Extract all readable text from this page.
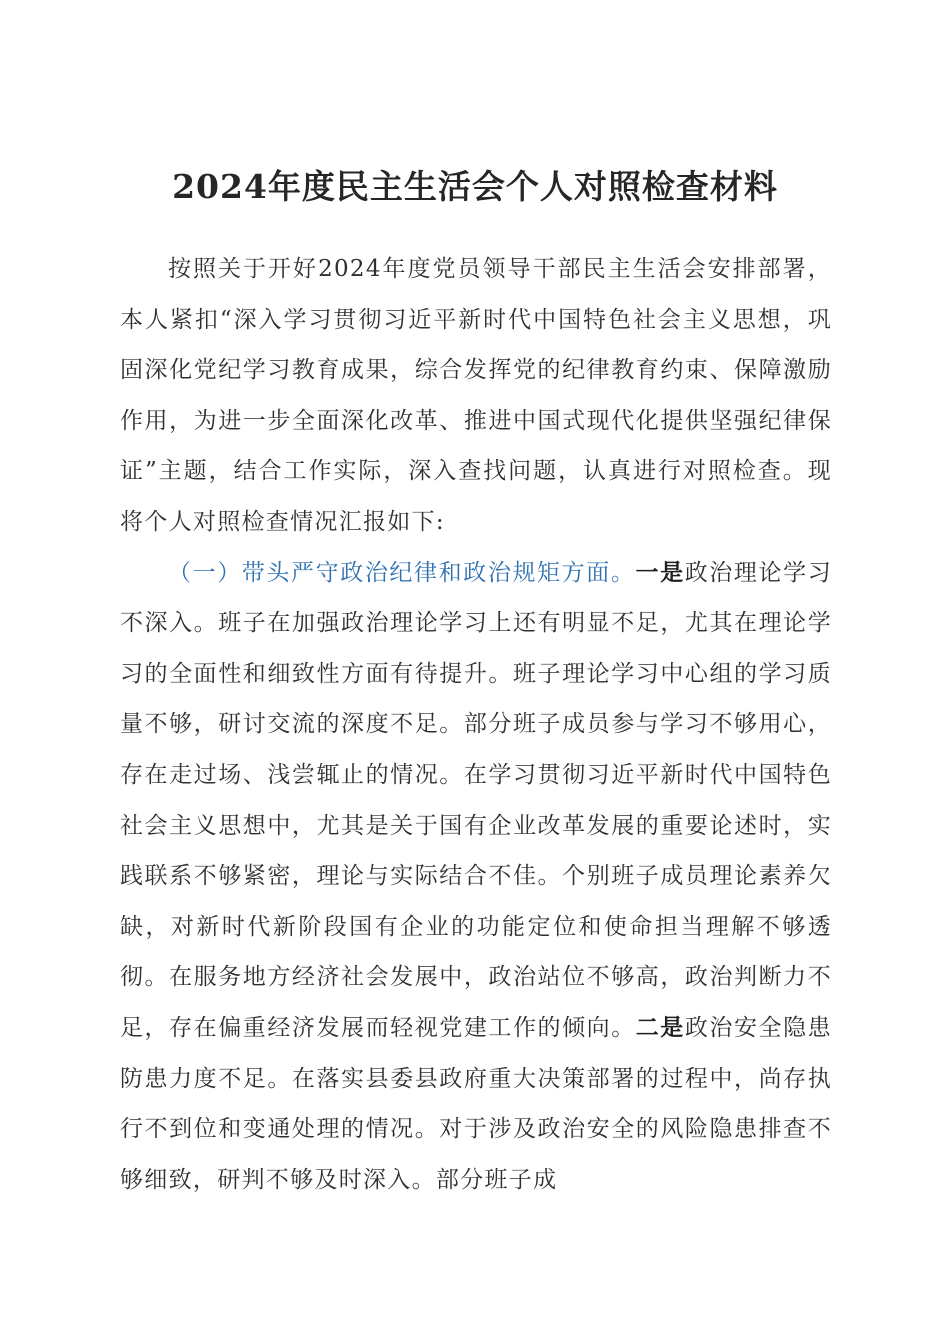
2024年度民主生活会个人对照检查材料

按照关于开好2024年度党员领导干部民主生活会安排部署，本人紧扣“深入学习贯彻习近平新时代中国特色社会主义思想，巩固深化党纪学习教育成果，综合发挥党的纪律教育约束、保障激励作用，为进一步全面深化改革、推进中国式现代化提供坚强纪律保证”主题，结合工作实际，深入查找问题，认真进行对照检查。现将个人对照检查情况汇报如下:

（一）带头严守政治纪律和政治规矩方面。一是政治理论学习不深入。班子在加强政治理论学习上还有明显不足，尤其在理论学习的全面性和细致性方面有待提升。班子理论学习中心组的学习质量不够，研讨交流的深度不足。部分班子成员参与学习不够用心，存在走过场、浅尝辄止的情况。在学习贯彻习近平新时代中国特色社会主义思想中，尤其是关于国有企业改革发展的重要论述时，实践联系不够紧密，理论与实际结合不佳。个别班子成员理论素养欠缺，对新时代新阶段国有企业的功能定位和使命担当理解不够透彻。在服务地方经济社会发展中，政治站位不够高，政治判断力不足，存在偏重经济发展而轻视党建工作的倾向。二是政治安全隐患防患力度不足。在落实县委县政府重大决策部署的过程中，尚存执行不到位和变通处理的情况。对于涉及政治安全的风险隐患排查不够细致，研判不够及时深入。部分班子成
